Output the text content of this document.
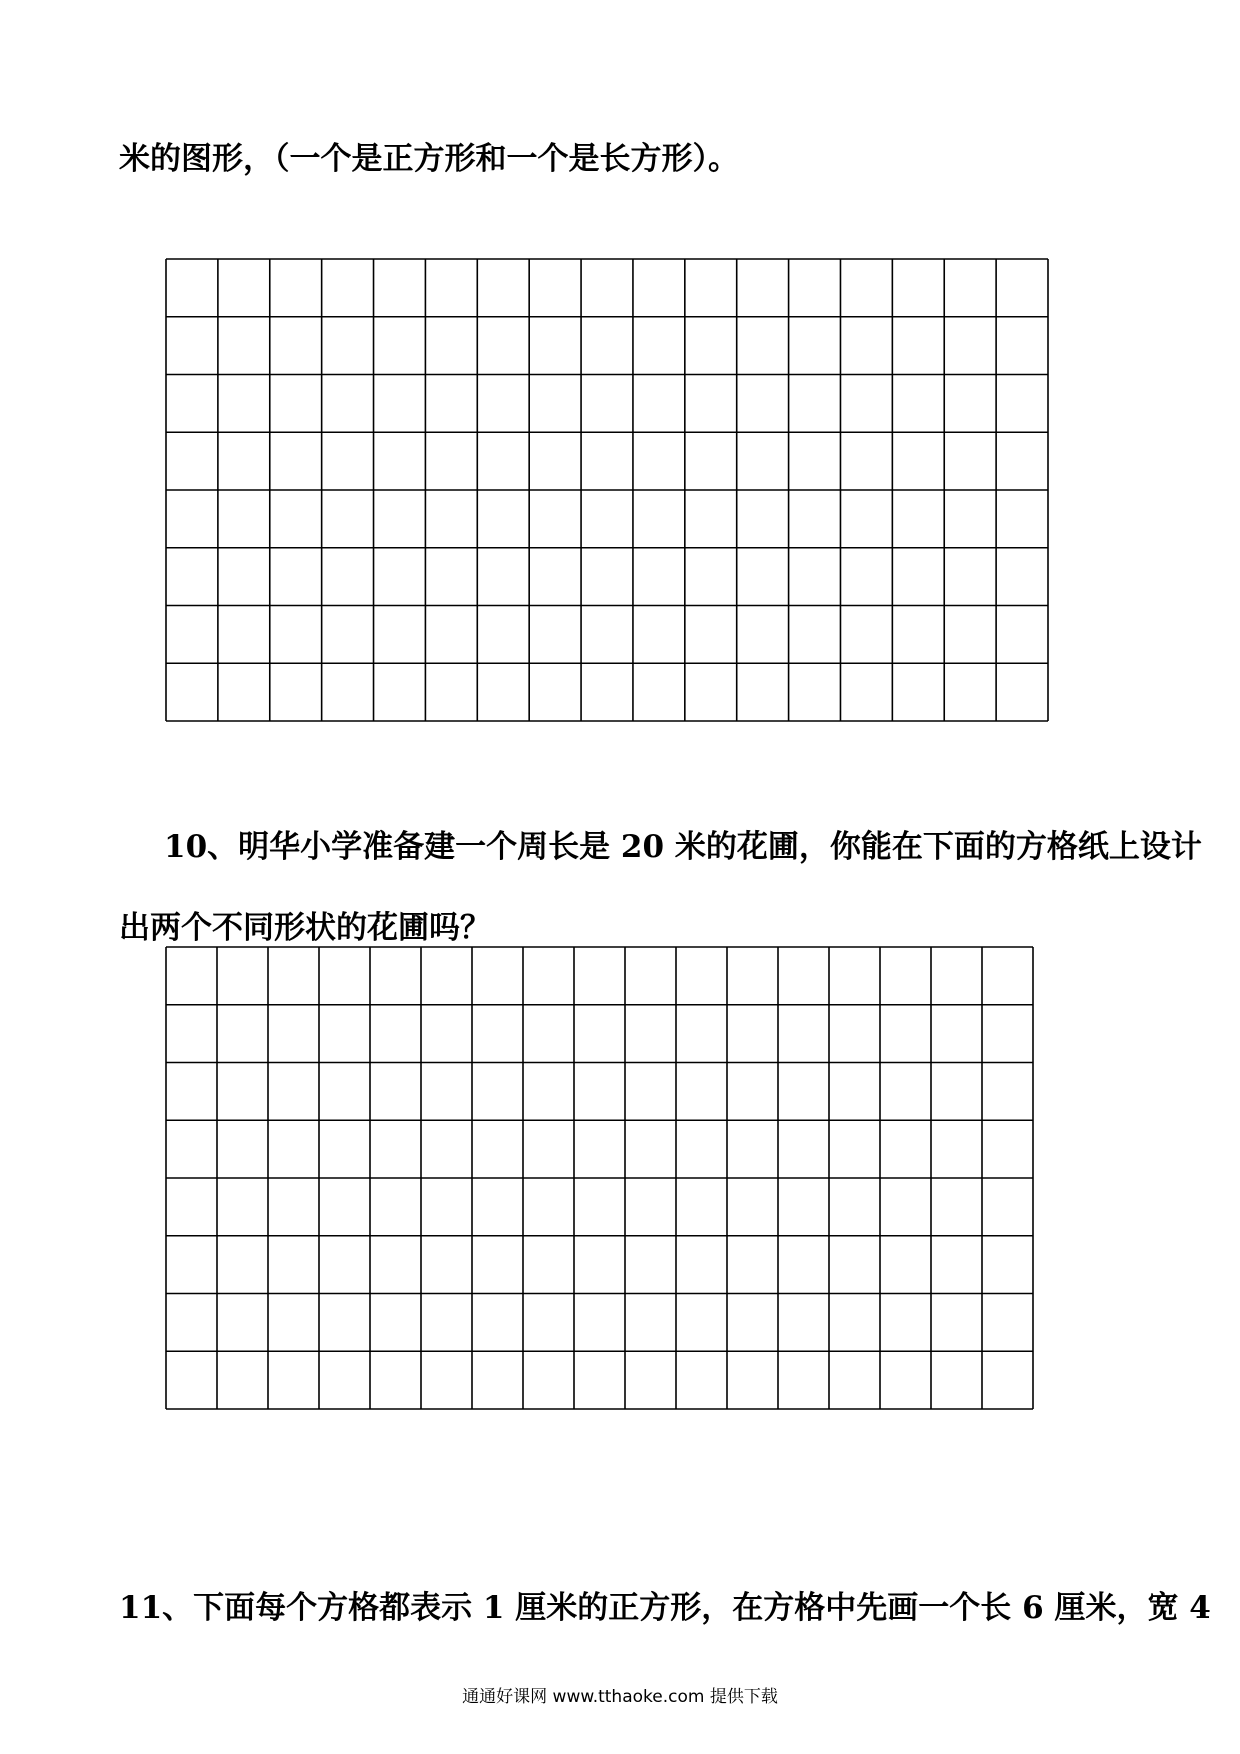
米的图形，（一个是正方形和一个是长方形）。
10、明华小学准备建一个周长是 20 米的花圃，你能在下面的方格纸上设计
出两个不同形状的花圃吗？
11、下面每个方格都表示 1 厘米的正方形，在方格中先画一个长 6 厘米，宽 4
通通好课网 www.tthaoke.com 提供下载
